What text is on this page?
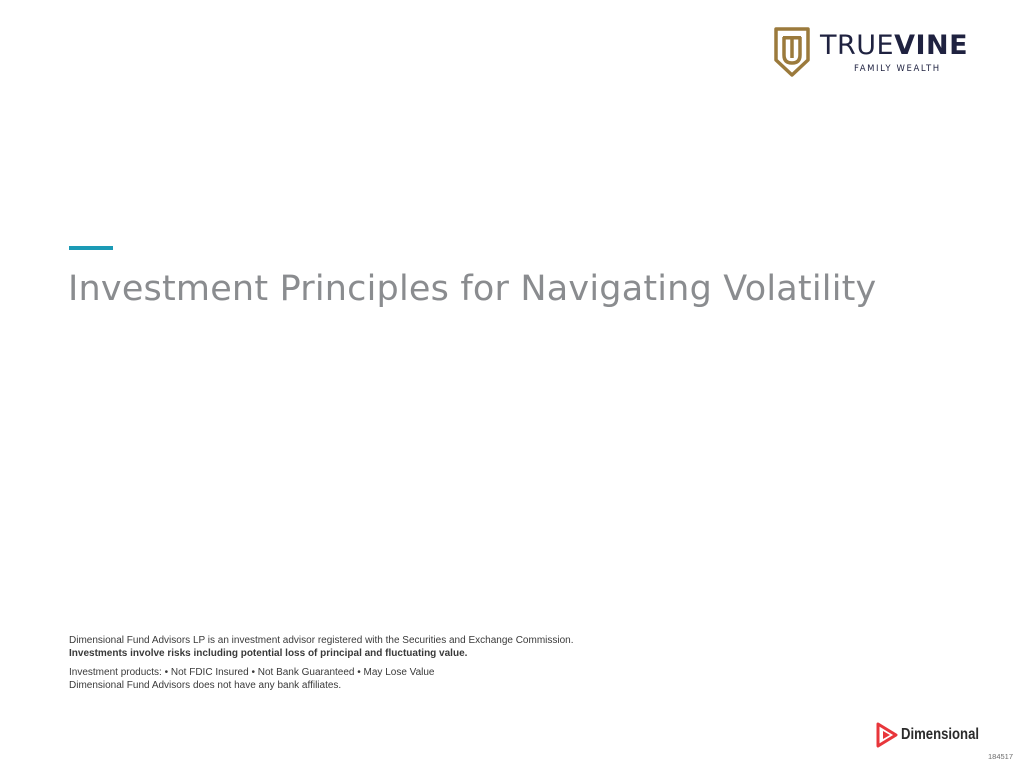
TRUEVINE
FAMILY WEALTH
Investment Principles for Navigating Volatility

Dimensional Fund Advisors LP is an investment advisor registered with the Securities and Exchange Commission.

Investments involve risks including potential loss of principal and fluctuating value.

Investment products: • Not FDIC Insured • Not Bank Guaranteed • May Lose Value

Dimensional Fund Advisors does not have any bank affiliates.

Dimensional
184517
